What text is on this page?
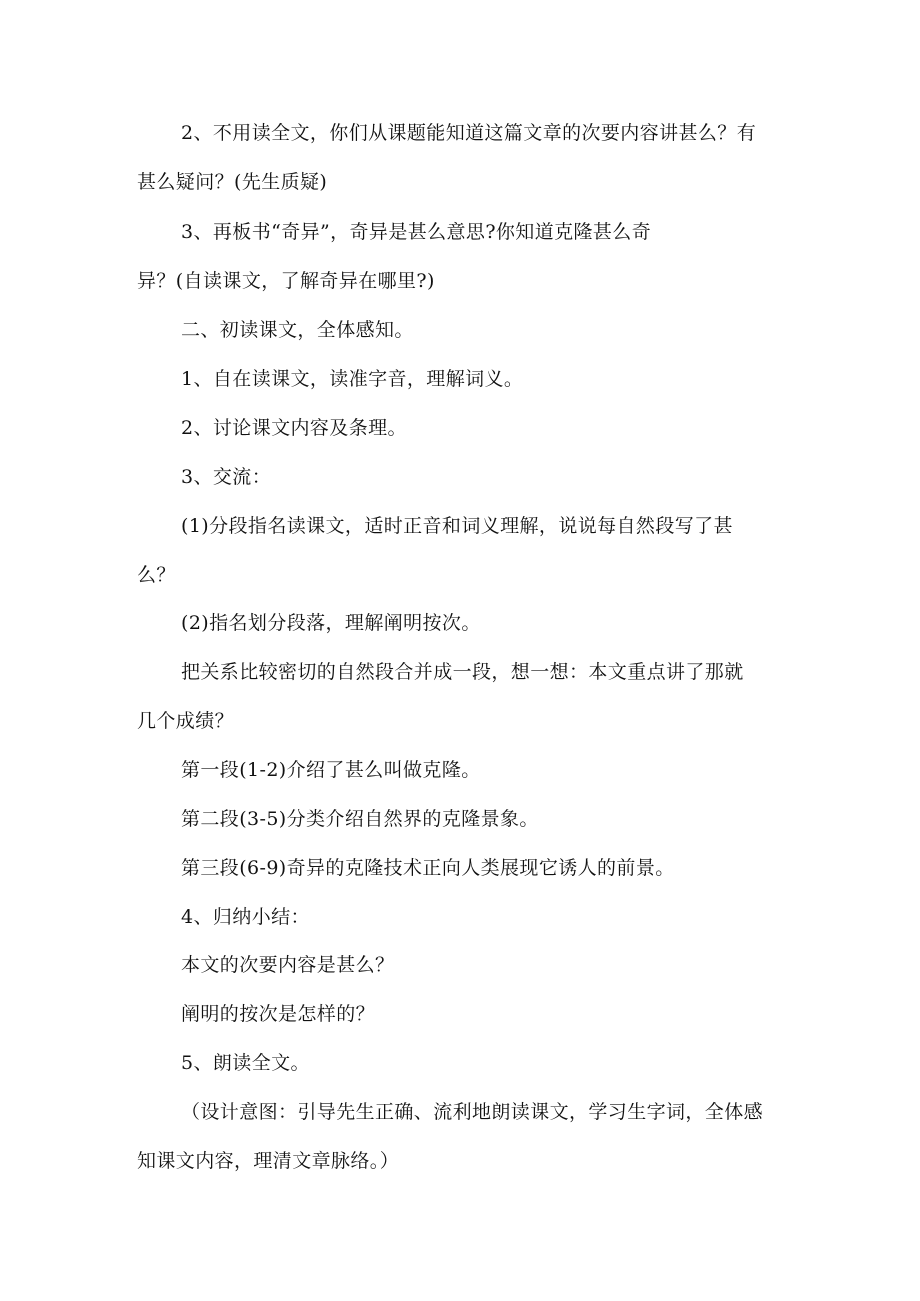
2、不用读全文，你们从课题能知道这篇文章的次要内容讲甚么？有
甚么疑问？(先生质疑)
3、再板书“奇异”，奇异是甚么意思?你知道克隆甚么奇
异？(自读课文，了解奇异在哪里?)
二、初读课文，全体感知。
1、自在读课文，读准字音，理解词义。
2、讨论课文内容及条理。
3、交流：
(1)分段指名读课文，适时正音和词义理解，说说每自然段写了甚
么？
(2)指名划分段落，理解阐明按次。
把关系比较密切的自然段合并成一段，想一想：本文重点讲了那就
几个成绩？
第一段(1-2)介绍了甚么叫做克隆。
第二段(3-5)分类介绍自然界的克隆景象。
第三段(6-9)奇异的克隆技术正向人类展现它诱人的前景。
4、归纳小结：
本文的次要内容是甚么？
阐明的按次是怎样的？
5、朗读全文。
（设计意图：引导先生正确、流利地朗读课文，学习生字词，全体感
知课文内容，理清文章脉络。）
